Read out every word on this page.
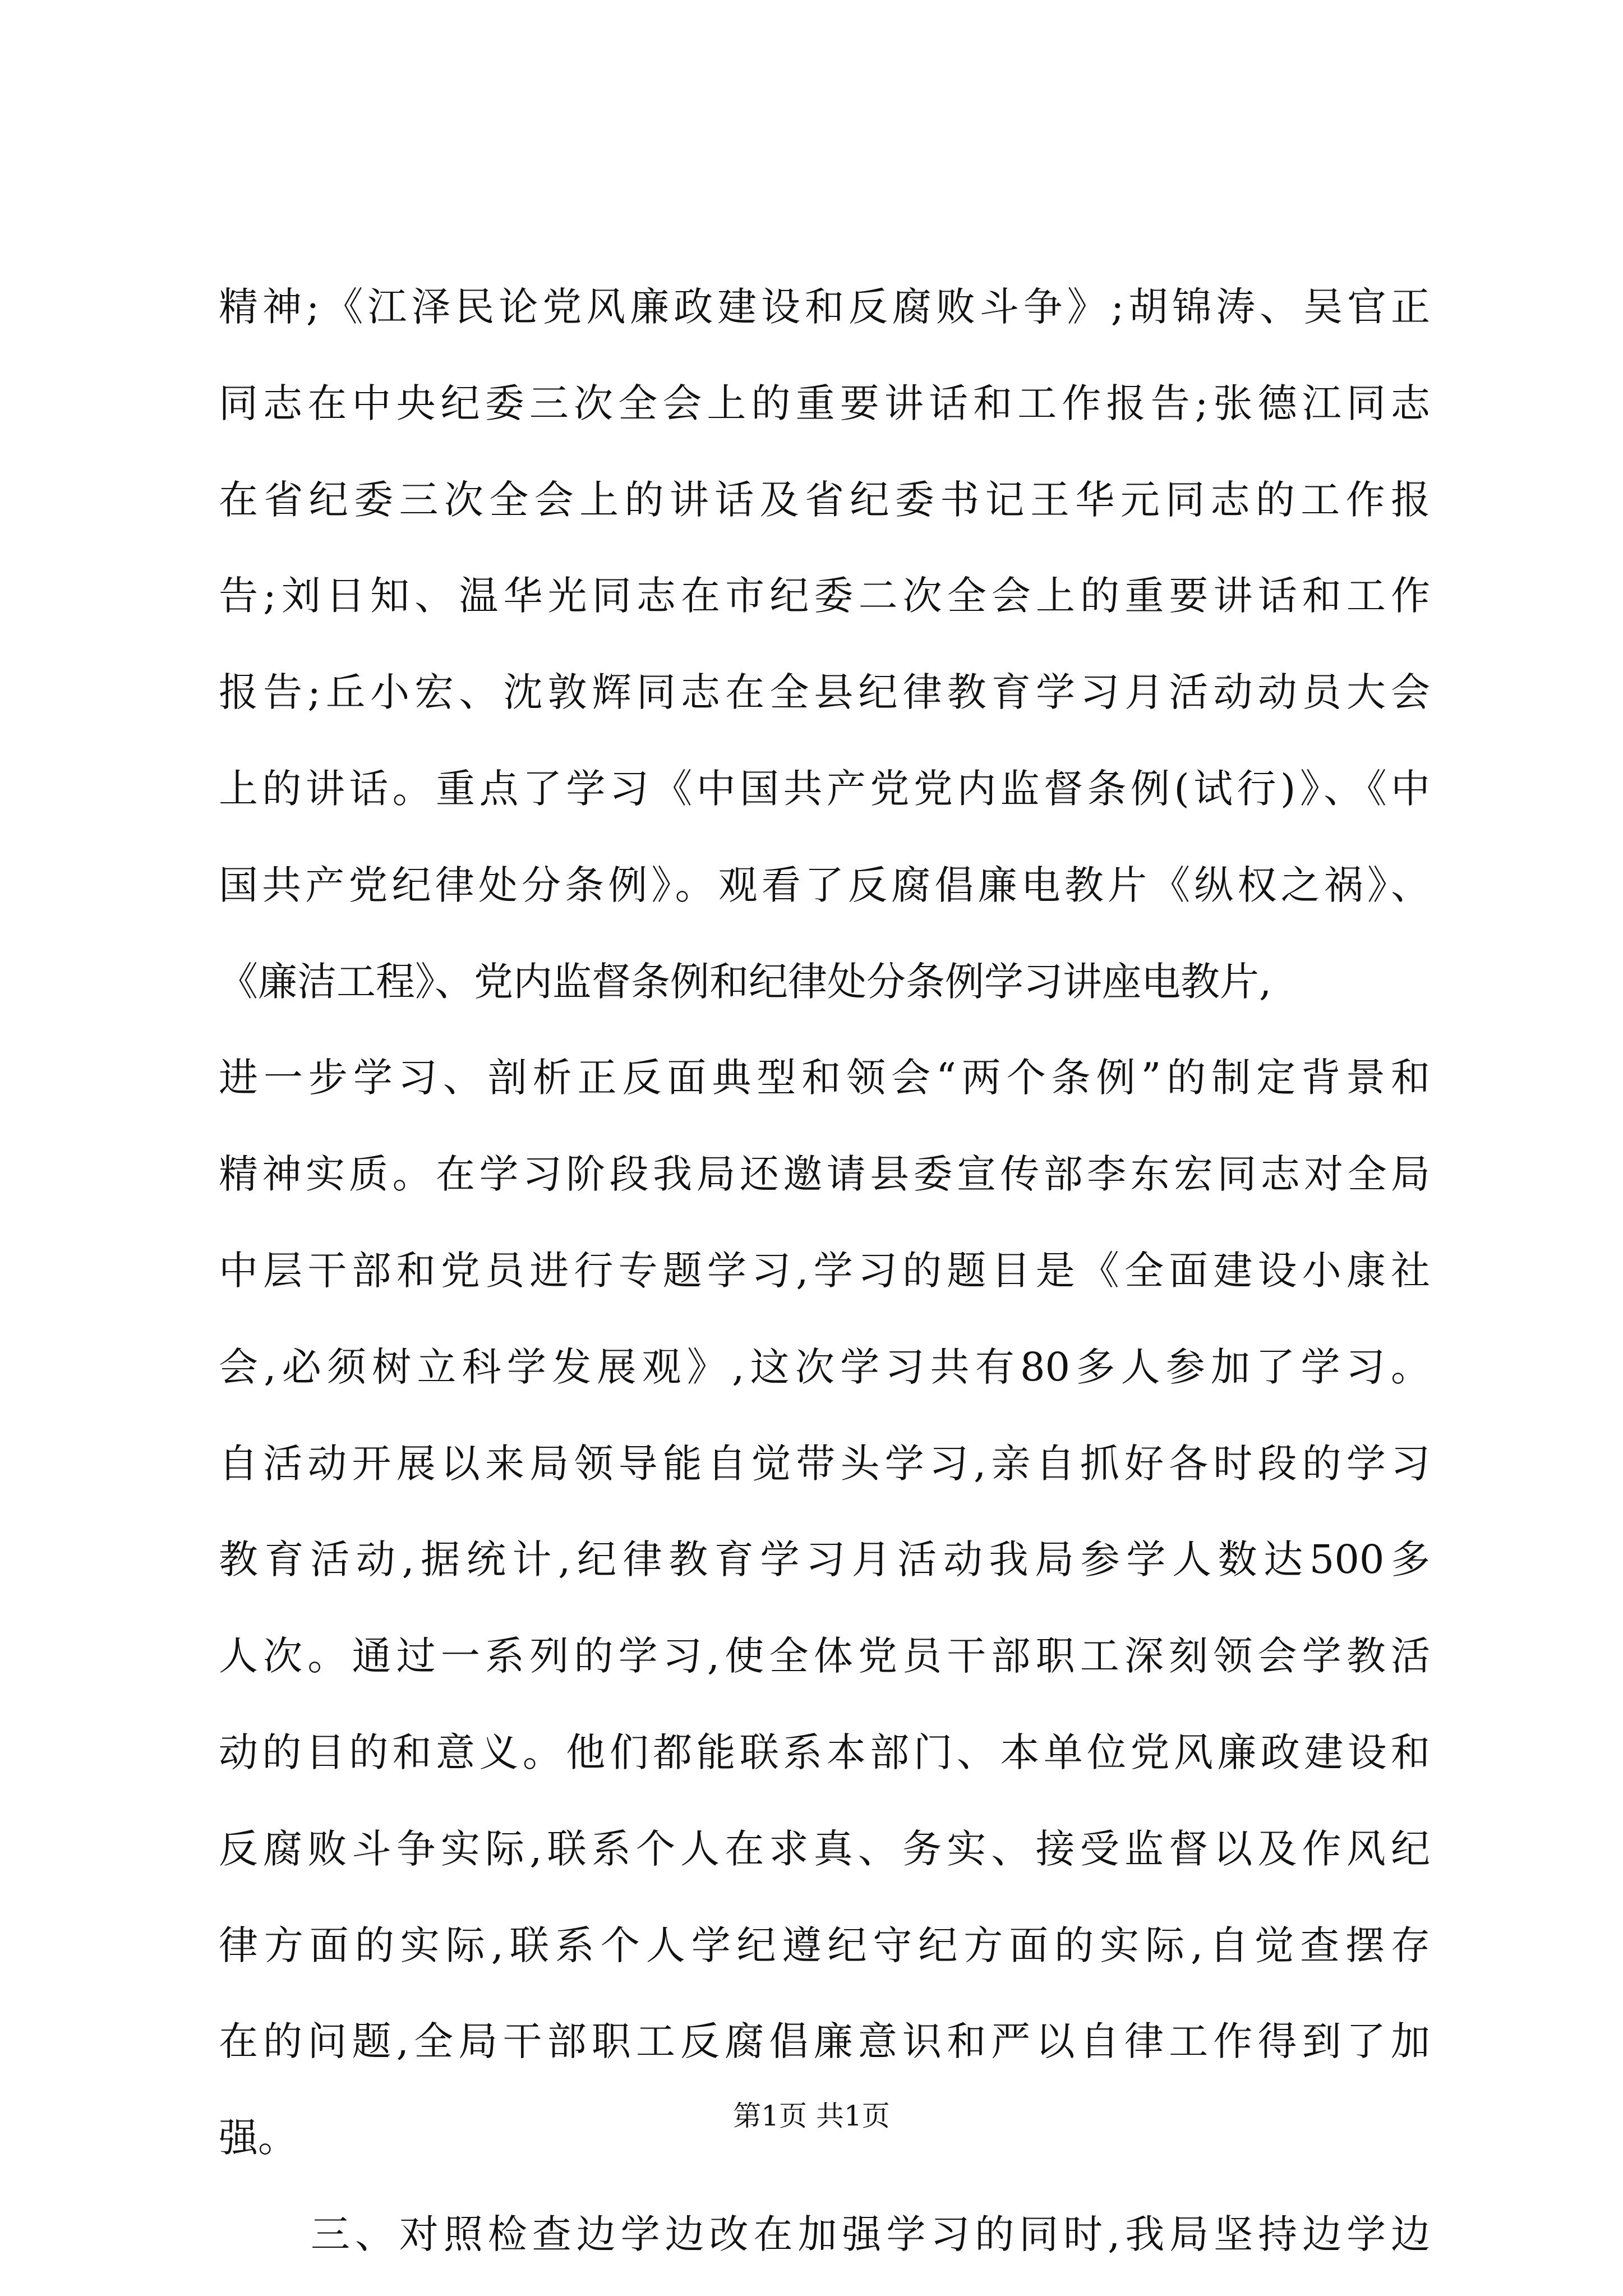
精神;《江泽民论党风廉政建设和反腐败斗争》;胡锦涛、吴官正
同志在中央纪委三次全会上的重要讲话和工作报告;张德江同志
在省纪委三次全会上的讲话及省纪委书记王华元同志的工作报
告;刘日知、温华光同志在市纪委二次全会上的重要讲话和工作
报告;丘小宏、沈敦辉同志在全县纪律教育学习月活动动员大会
上的讲话。重点了学习《中国共产党党内监督条例(试行)》、《中
国共产党纪律处分条例》。观看了反腐倡廉电教片《纵权之祸》、
《廉洁工程》、党内监督条例和纪律处分条例学习讲座电教片,
进一步学习、剖析正反面典型和领会“两个条例”的制定背景和
精神实质。在学习阶段我局还邀请县委宣传部李东宏同志对全局
中层干部和党员进行专题学习,学习的题目是《全面建设小康社
会,必须树立科学发展观》,这次学习共有80多人参加了学习。
自活动开展以来局领导能自觉带头学习,亲自抓好各时段的学习
教育活动,据统计,纪律教育学习月活动我局参学人数达500多
人次。通过一系列的学习,使全体党员干部职工深刻领会学教活
动的目的和意义。他们都能联系本部门、本单位党风廉政建设和
反腐败斗争实际,联系个人在求真、务实、接受监督以及作风纪
律方面的实际,联系个人学纪遵纪守纪方面的实际,自觉查摆存
在的问题,全局干部职工反腐倡廉意识和严以自律工作得到了加
强。
三、对照检查边学边改在加强学习的同时,我局坚持边学边
第1页 共1页
